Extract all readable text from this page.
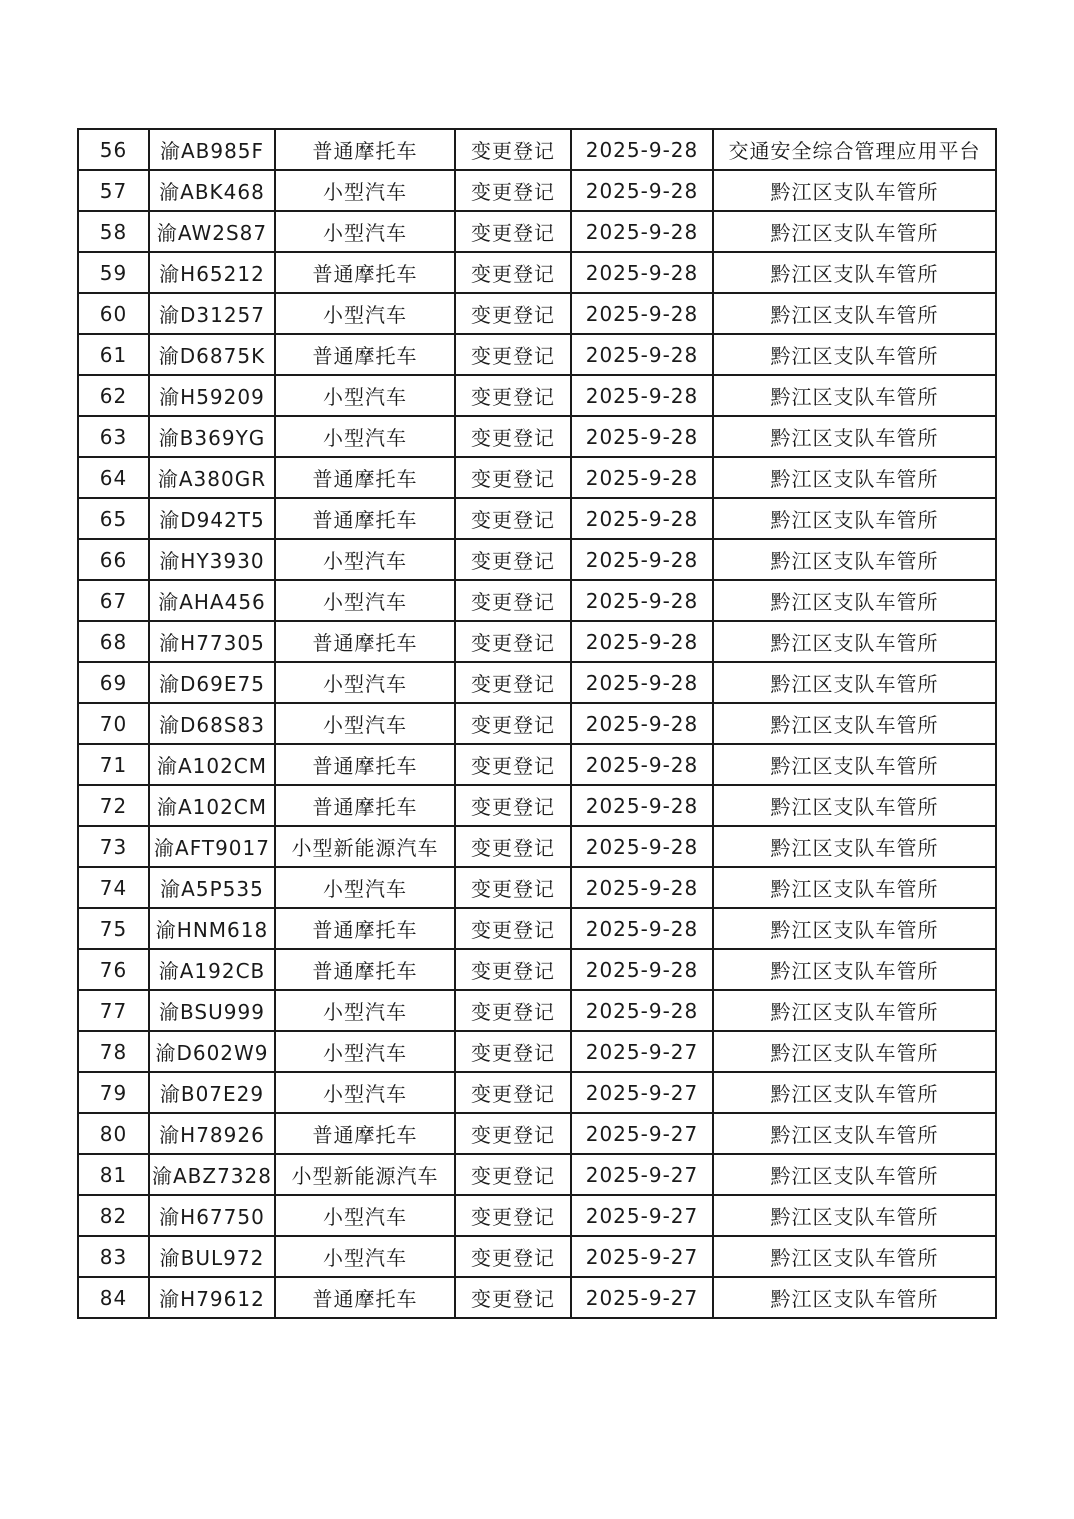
56	渝AB985F	普通摩托车	变更登记	2025-9-28	交通安全综合管理应用平台
57	渝ABK468	小型汽车	变更登记	2025-9-28	黔江区支队车管所
58	渝AW2S87	小型汽车	变更登记	2025-9-28	黔江区支队车管所
59	渝H65212	普通摩托车	变更登记	2025-9-28	黔江区支队车管所
60	渝D31257	小型汽车	变更登记	2025-9-28	黔江区支队车管所
61	渝D6875K	普通摩托车	变更登记	2025-9-28	黔江区支队车管所
62	渝H59209	小型汽车	变更登记	2025-9-28	黔江区支队车管所
63	渝B369YG	小型汽车	变更登记	2025-9-28	黔江区支队车管所
64	渝A380GR	普通摩托车	变更登记	2025-9-28	黔江区支队车管所
65	渝D942T5	普通摩托车	变更登记	2025-9-28	黔江区支队车管所
66	渝HY3930	小型汽车	变更登记	2025-9-28	黔江区支队车管所
67	渝AHA456	小型汽车	变更登记	2025-9-28	黔江区支队车管所
68	渝H77305	普通摩托车	变更登记	2025-9-28	黔江区支队车管所
69	渝D69E75	小型汽车	变更登记	2025-9-28	黔江区支队车管所
70	渝D68S83	小型汽车	变更登记	2025-9-28	黔江区支队车管所
71	渝A102CM	普通摩托车	变更登记	2025-9-28	黔江区支队车管所
72	渝A102CM	普通摩托车	变更登记	2025-9-28	黔江区支队车管所
73	渝AFT9017	小型新能源汽车	变更登记	2025-9-28	黔江区支队车管所
74	渝A5P535	小型汽车	变更登记	2025-9-28	黔江区支队车管所
75	渝HNM618	普通摩托车	变更登记	2025-9-28	黔江区支队车管所
76	渝A192CB	普通摩托车	变更登记	2025-9-28	黔江区支队车管所
77	渝BSU999	小型汽车	变更登记	2025-9-28	黔江区支队车管所
78	渝D602W9	小型汽车	变更登记	2025-9-27	黔江区支队车管所
79	渝B07E29	小型汽车	变更登记	2025-9-27	黔江区支队车管所
80	渝H78926	普通摩托车	变更登记	2025-9-27	黔江区支队车管所
81	渝ABZ7328	小型新能源汽车	变更登记	2025-9-27	黔江区支队车管所
82	渝H67750	小型汽车	变更登记	2025-9-27	黔江区支队车管所
83	渝BUL972	小型汽车	变更登记	2025-9-27	黔江区支队车管所
84	渝H79612	普通摩托车	变更登记	2025-9-27	黔江区支队车管所
